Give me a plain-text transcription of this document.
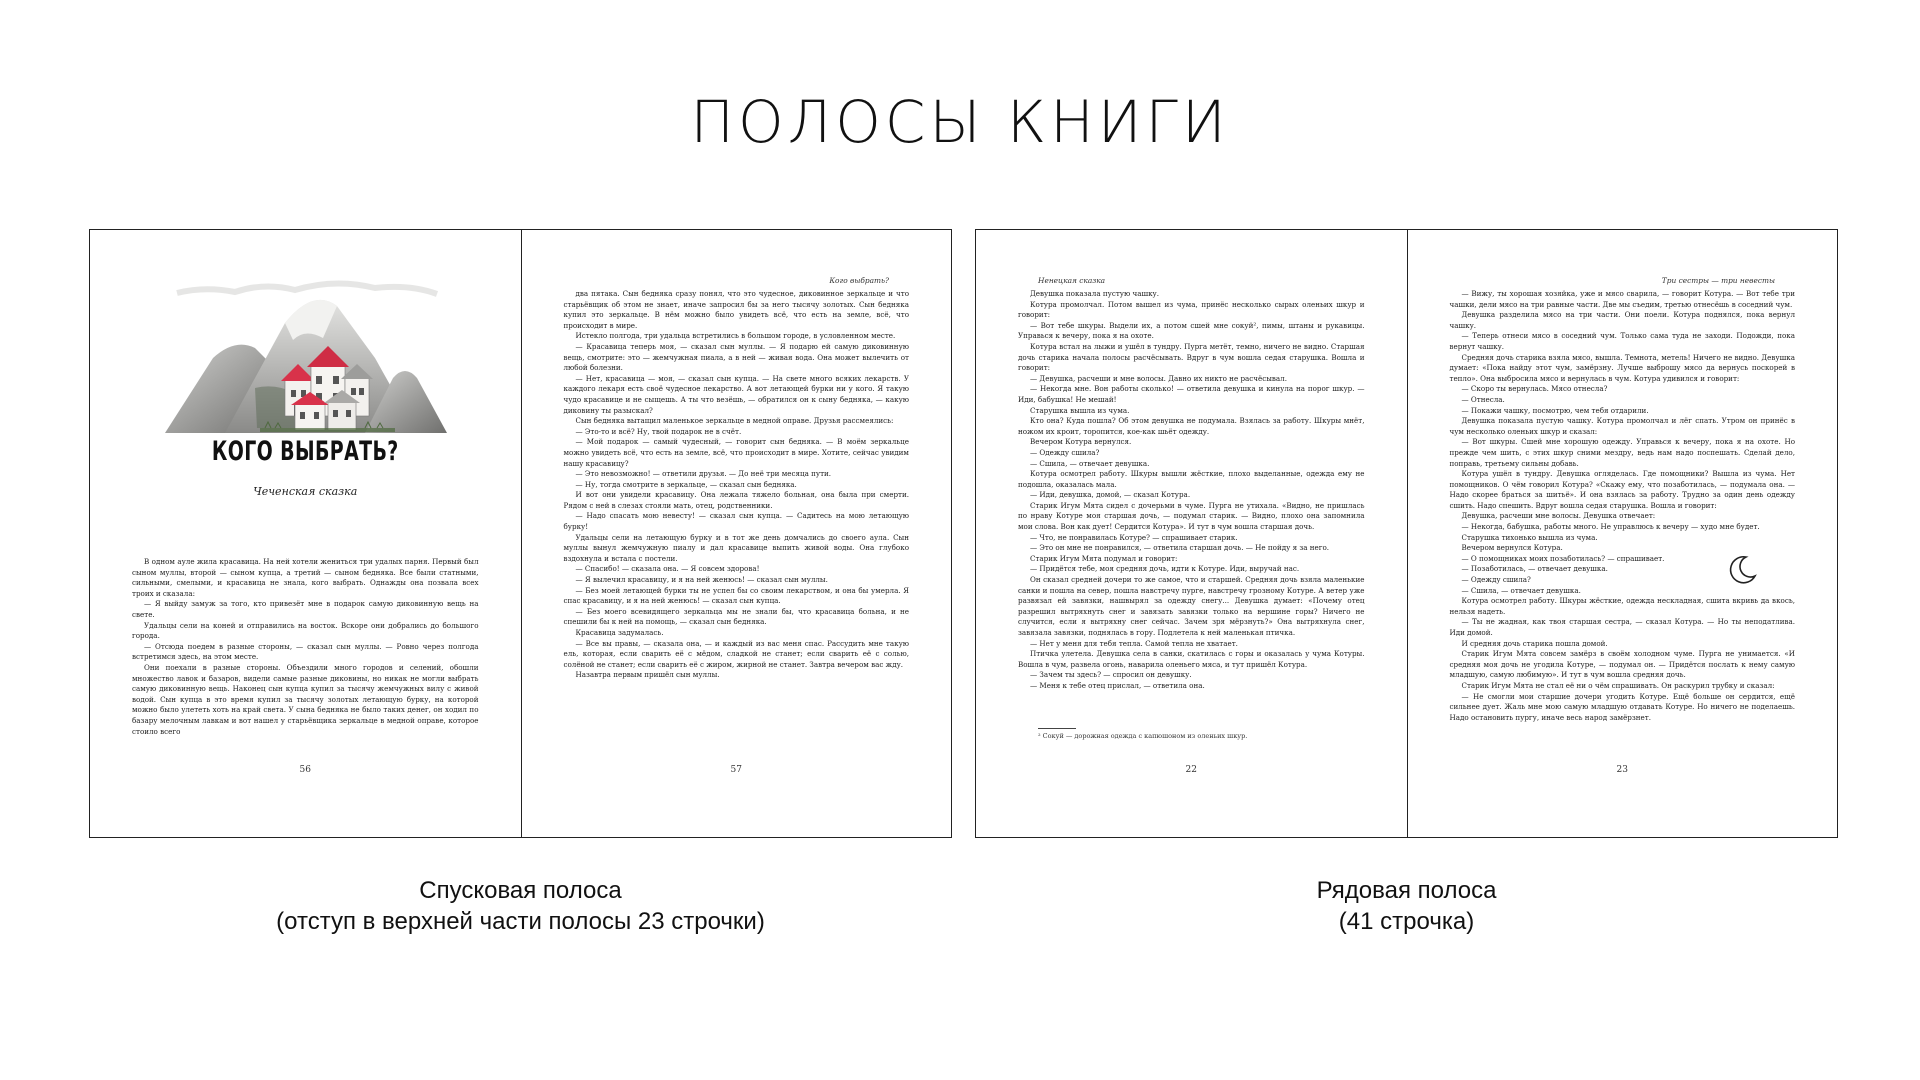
ПОЛОСЫ КНИГИ
КОГО ВЫБРАТЬ?
Чеченская сказка

В одном ауле жила красавица. На ней хотели жениться три удалых парня. Первый был сыном муллы, второй — сыном купца, а третий — сыном бедняка. Все были статными, сильными, смелыми, и красавица не знала, кого выбрать. Однажды она позвала всех троих и сказала:

— Я выйду замуж за того, кто привезёт мне в подарок самую диковинную вещь на свете.

Удальцы сели на коней и отправились на восток. Вскоре они добрались до большого города.

— Отсюда поедем в разные стороны, — сказал сын муллы. — Ровно через полгода встретимся здесь, на этом месте.

Они поехали в разные стороны. Объездили много городов и селений, обошли множество лавок и базаров, видели самые разные диковины, но никак не могли выбрать самую диковинную вещь. Наконец сын купца купил за тысячу жемчужных вилу с живой водой. Сын купца в это время купил за тысячу золотых летающую бурку, на которой можно было улететь хоть на край света. У сына бедняка не было таких денег, он ходил по базару мелочным лавкам и вот нашел у старьёвщика зеркальце в медной оправе, которое стоило всего

56
Кого выбрать?

два пятака. Сын бедняка сразу понял, что это чудесное, диковинное зеркальце и что старьёвщик об этом не знает, иначе запросил бы за него тысячу золотых. Сын бедняка купил это зеркальце. В нём можно было увидеть всё, что есть на земле, всё, что происходит в мире.

Истекло полгода, три удальца встретились в большом городе, в условленном месте.

— Красавица теперь моя, — сказал сын муллы. — Я подарю ей самую диковинную вещь, смотрите: это — жемчужная пиала, а в ней — живая вода. Она может вылечить от любой болезни.

— Нет, красавица — моя, — сказал сын купца. — На свете много всяких лекарств. У каждого лекаря есть своё чудесное лекарство. А вот летающей бурки ни у кого. Я такую чудо красавице и не сыщешь. А ты что везёшь, — обратился он к сыну бедняка, — какую диковину ты разыскал?

Сын бедняка вытащил маленькое зеркальце в медной оправе. Друзья рассмеялись:

— Это-то и всё? Ну, твой подарок не в счёт.

— Мой подарок — самый чудесный, — говорит сын бедняка. — В моём зеркальце можно увидеть всё, что есть на земле, всё, что происходит в мире. Хотите, сейчас увидим нашу красавицу?

— Это невозможно! — ответили друзья. — До неё три месяца пути.

— Ну, тогда смотрите в зеркальце, — сказал сын бедняка.

И вот они увидели красавицу. Она лежала тяжело больная, она была при смерти. Рядом с ней в слезах стояли мать, отец, родственники.

— Надо спасать мою невесту! — сказал сын купца. — Садитесь на мою летающую бурку!

Удальцы сели на летающую бурку и в тот же день домчались до своего аула. Сын муллы вынул жемчужную пиалу и дал красавице выпить живой воды. Она глубоко вздохнула и встала с постели.

— Спасибо! — сказала она. — Я совсем здорова!

— Я вылечил красавицу, и я на ней женюсь! — сказал сын муллы.

— Без моей летающей бурки ты не успел бы со своим лекарством, и она бы умерла. Я спас красавицу, и я на ней женюсь! — сказал сын купца.

— Без моего всевидящего зеркальца мы не знали бы, что красавица больна, и не спешили бы к ней на помощь, — сказал сын бедняка.

Красавица задумалась.

— Все вы правы, — сказала она, — и каждый из вас меня спас. Рассудить мне такую ель, которая, если сварить её с мёдом, сладкой не станет; если сварить её с солью, солёной не станет; если сварить её с жиром, жирной не станет. Завтра вечером вас жду.

Назавтра первым пришёл сын муллы.

57
Ненецкая сказка

Девушка показала пустую чашку.

Котура промолчал. Потом вышел из чума, принёс несколько сырых оленьих шкур и говорит:

— Вот тебе шкуры. Выдели их, а потом сшей мне сокуй², пимы, штаны и рукавицы. Управься к вечеру, пока я на охоте.

Котура встал на лыжи и ушёл в тундру. Пурга метёт, темно, ничего не видно. Старшая дочь старика начала полосы расчёсывать. Вдруг в чум вошла седая старушка. Вошла и говорит:

— Девушка, расчеши и мне волосы. Давно их никто не расчёсывал.

— Некогда мне. Вон работы сколько! — ответила девушка и кинула на порог шкур. — Иди, бабушка! Не мешай!

Старушка вышла из чума.

Кто она? Куда пошла? Об этом девушка не подумала. Взялась за работу. Шкуры мнёт, ножом их кроит, торопится, кое-как шьёт одежду.

Вечером Котура вернулся.

— Одежду сшила?

— Сшила, — отвечает девушка.

Котура осмотрел работу. Шкуры вышли жёсткие, плохо выделанные, одежда ему не подошла, оказалась мала.

— Иди, девушка, домой, — сказал Котура.

Старик Игум Мята сидел с дочерьми в чуме. Пурга не утихала. «Видно, не пришлась по нраву Котуре моя старшая дочь, — подумал старик. — Видно, плохо она запомнила мои слова. Вон как дует! Сердится Котура». И тут в чум вошла старшая дочь.

— Что, не понравилась Котуре? — спрашивает старик.

— Это он мне не понравился, — ответила старшая дочь. — Не пойду я за него.

Старик Игум Мята подумал и говорит:

— Придётся тебе, моя средняя дочь, идти к Котуре. Иди, выручай нас.

Он сказал средней дочери то же самое, что и старшей. Средняя дочь взяла маленькие санки и пошла на север, пошла навстречу пурге, навстречу грозному Котуре. А ветер уже развязал ей завязки, нашвырял за одежду снегу... Девушка думает: «Почему отец разрешил вытряхнуть снег и завязать завязки только на вершине горы? Ничего не случится, если я вытряхну снег сейчас. Зачем зря мёрзнуть?» Она вытряхнула снег, завязала завязки, поднялась в гору. Подлетела к ней маленькая птичка.

— Нет у меня для тебя тепла. Самой тепла не хватает.

Птичка улетела. Девушка села в санки, скатилась с горы и оказалась у чума Котуры. Вошла в чум, развела огонь, наварила оленьего мяса, и тут пришёл Котура.

— Зачем ты здесь? — спросил он девушку.

— Меня к тебе отец прислал, — ответила она.

² Сокуй — дорожная одежда с капюшоном из оленьих шкур.
22
Три сестры — три невесты

— Вижу, ты хорошая хозяйка, уже и мясо сварила, — говорит Котура. — Вот тебе три чашки, дели мясо на три равные части. Две мы съедим, третью отнесёшь в соседний чум.

Девушка разделила мясо на три части. Они поели. Котура поднялся, пока вернул чашку.

— Теперь отнеси мясо в соседний чум. Только сама туда не заходи. Подожди, пока вернут чашку.

Средняя дочь старика взяла мясо, вышла. Темнота, метель! Ничего не видно. Девушка думает: «Пока найду этот чум, замёрзну. Лучше выброшу мясо да вернусь поскорей в тепло». Она выбросила мясо и вернулась в чум. Котура удивился и говорит:

— Скоро ты вернулась. Мясо отнесла?

— Отнесла.

— Покажи чашку, посмотрю, чем тебя отдарили.

Девушка показала пустую чашку. Котура промолчал и лёг спать. Утром он принёс в чум несколько оленьих шкур и сказал:

— Вот шкуры. Сшей мне хорошую одежду. Управься к вечеру, пока я на охоте. Но прежде чем шить, с этих шкур сними мездру, ведь нам надо поспешать. Сделай дело, поправь, третьему сильны добавь.

Котура ушёл в тундру. Девушка огляделась. Где помощники? Вышла из чума. Нет помощников. О чём говорил Котура? «Скажу ему, что позаботилась, — подумала она. — Надо скорее браться за шитьё». И она взялась за работу. Трудно за один день одежду сшить. Надо спешить. Вдруг вошла седая старушка. Вошла и говорит:

Девушка, расчеши мне волосы. Девушка отвечает:

— Некогда, бабушка, работы много. Не управлюсь к вечеру — худо мне будет.

Старушка тихонько вышла из чума.

Вечером вернулся Котура.

— О помощниках моих позаботилась? — спрашивает.

— Позаботилась, — отвечает девушка.

— Одежду сшила?

— Сшила, — отвечает девушка.

Котура осмотрел работу. Шкуры жёсткие, одежда нескладная, сшита вкривь да вкось, нельзя надеть.

— Ты не жадная, как твоя старшая сестра, — сказал Котура. — Но ты неподатлива. Иди домой.

И средняя дочь старика пошла домой.

Старик Игум Мята совсем замёрз в своём холодном чуме. Пурга не унимается. «И средняя моя дочь не угодила Котуре, — подумал он. — Придётся послать к нему самую младшую, самую любимую». И тут в чум вошла средняя дочь.

Старик Игум Мята не стал её ни о чём спрашивать. Он раскурил трубку и сказал:

— Не смогли мои старшие дочери угодить Котуре. Ещё больше он сердится, ещё сильнее дует. Жаль мне мою самую младшую отдавать Котуре. Но ничего не поделаешь. Надо остановить пургу, иначе весь народ замёрзнет.

23
Спусковая полоса
(отступ в верхней части полосы 23 строчки)
Рядовая полоса
(41 строчка)
